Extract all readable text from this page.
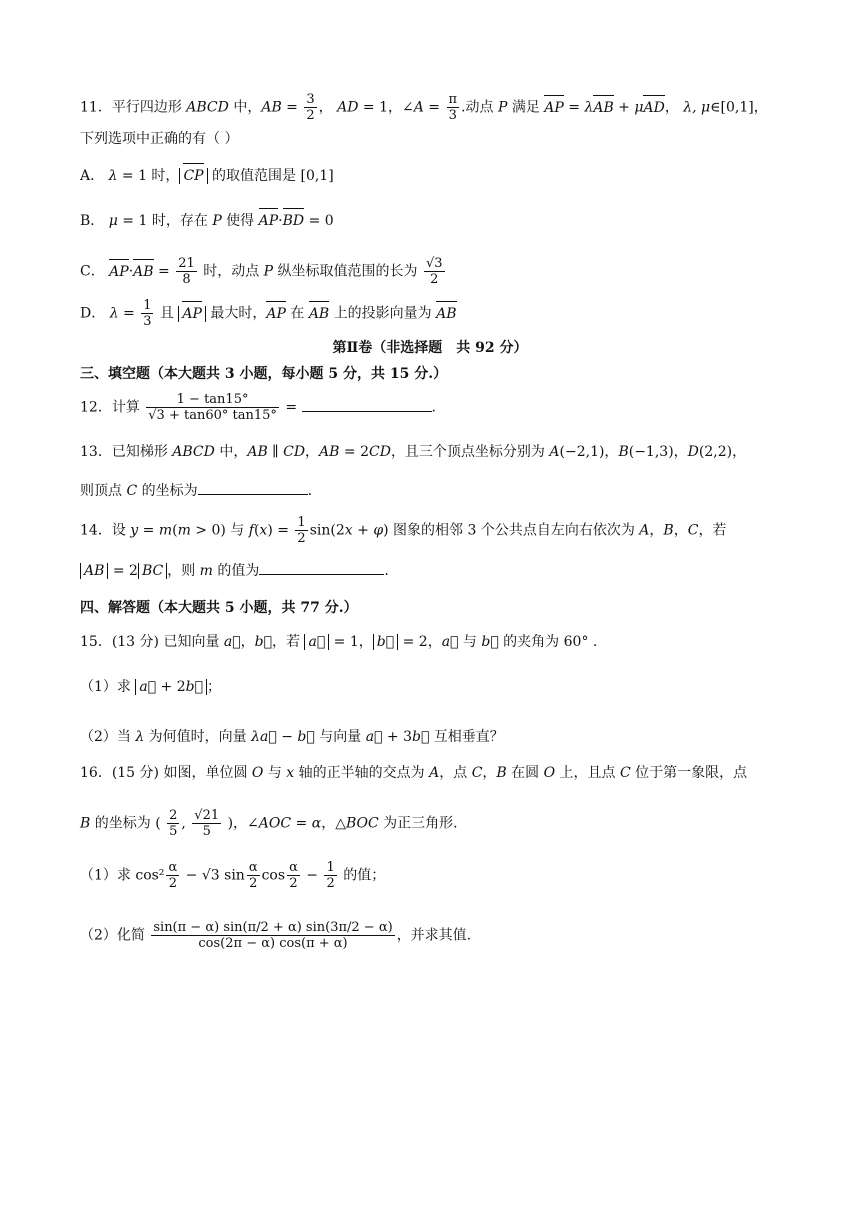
11．平行四边形 ABCD 中，AB = $\frac{3}{2}$ ， AD = 1，∠A = $\frac{\pi}{3}$ .动点 P 满足 AP = λAB + μAD， λ, μ∈[0,1]，
下列选项中正确的有（ ）
A． λ = 1 时， CP 的取值范围是 [0,1]
B． μ = 1 时，存在 P 使得 AP·BD = 0
C． $AP\cdot AB = \frac{21}{8}$ 时，动点 P 纵坐标取值范围的长为 $\frac{√3}{2}$
D． $\lambda = \frac{1}{3}$ 且 AP 最大时，AP 在 AB 上的投影向量为 AB
第Ⅱ卷（非选择题　共 92 分）
三、填空题（本大题共 3 小题，每小题 5 分，共 15 分.）
12．计算 $\frac{1 - \tan 15^\circ}{√3 + \tan 60^\circ \tan 15^\circ}$ =	.
13．已知梯形 ABCD 中，AB ∥ CD，AB = 2CD，且三个顶点坐标分别为 A(−2,1)，B(−1,3)，D(2,2)，
则顶点 C 的坐标为	.
14．设 y = m(m > 0) 与 $f(x) = \frac{1}{2} \sin(2x + \varphi)$ 图象的相邻 3 个公共点自左向右依次为 A，B，C，若
AB = 2 BC ，则 m 的值为	.
四、解答题（本大题共 5 小题，共 77 分.）
15．(13 分) 已知向量 a⃗，b⃗，若 a⃗ = 1， b⃗ = 2，a⃗ 与 b⃗ 的夹角为 60° .
（1）求 a⃗ + 2b⃗ ；
（2）当 λ 为何值时，向量 λa⃗ − b⃗ 与向量 a⃗ + 3b⃗ 互相垂直？
16．(15 分) 如图，单位圆 O 与 x 轴的正半轴的交点为 A，点 C，B 在圆 O 上，且点 C 位于第一象限，点
B 的坐标为 ( $\frac{2}{5}$ , $\frac{√21}{5}$ )，∠AOC = α，△BOC 为正三角形.
（1）求 $\cos^2 \frac{\alpha}{2} - √3$ $\sin \frac{\alpha}{2}$ $\cos \frac{\alpha}{2} - \frac{1}{2}$ 的值；
（2）化简 $\frac{\sin(\pi - \alpha) \sin(\pi/2 + \alpha) \sin(3\pi/2 - \alpha)}{\cos(2\pi - \alpha) \cos(\pi + \alpha)}$ ，并求其值.
